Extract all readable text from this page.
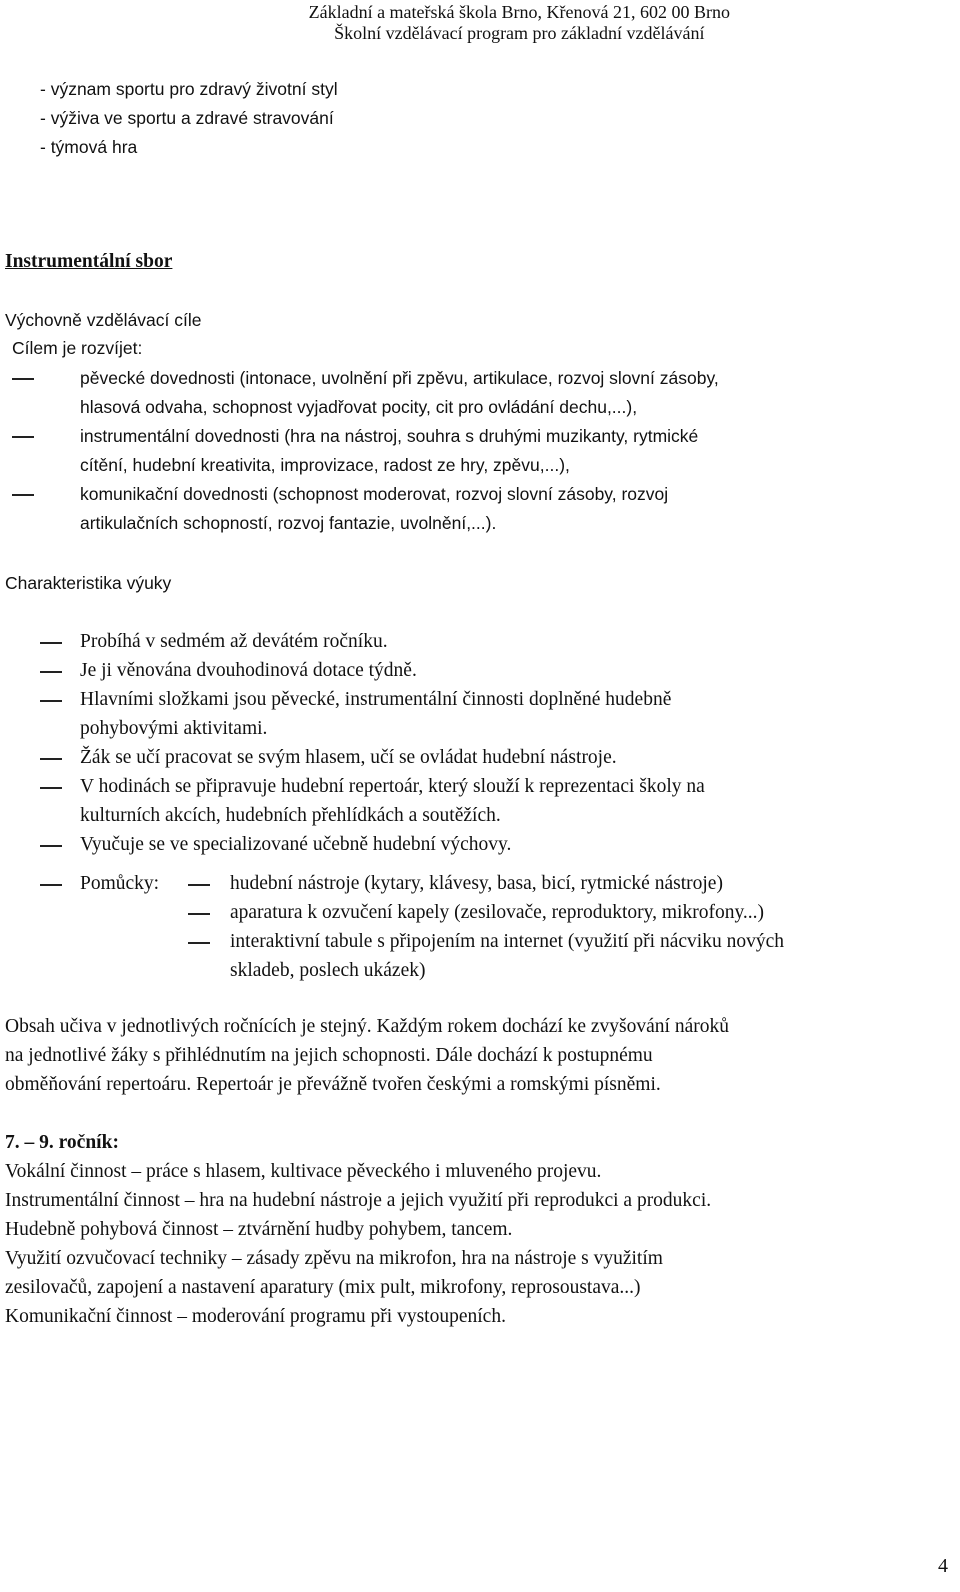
Základní a mateřská škola Brno, Křenová 21, 602 00 Brno
Školní vzdělávací program pro základní vzdělávání
- význam sportu pro zdravý životní styl
- výživa ve sportu a zdravé stravování
- týmová hra
Instrumentální sbor
Výchovně vzdělávací cíle
Cílem je rozvíjet:
pěvecké dovednosti (intonace, uvolnění při zpěvu, artikulace, rozvoj slovní zásoby,
hlasová odvaha, schopnost vyjadřovat pocity, cit pro ovládání dechu,...),
instrumentální dovednosti (hra na nástroj, souhra s druhými muzikanty, rytmické
cítění, hudební kreativita, improvizace, radost ze hry, zpěvu,...),
komunikační dovednosti (schopnost moderovat, rozvoj slovní zásoby, rozvoj
artikulačních schopností, rozvoj fantazie, uvolnění,...).
Charakteristika výuky
Probíhá v sedmém až devátém ročníku.
Je ji věnována dvouhodinová dotace týdně.
Hlavními složkami jsou pěvecké, instrumentální činnosti doplněné hudebně
pohybovými aktivitami.
Žák se učí pracovat se svým hlasem, učí se ovládat hudební nástroje.
V hodinách se připravuje hudební repertoár, který slouží k reprezentaci školy na
kulturních akcích, hudebních přehlídkách a soutěžích.
Vyučuje se ve specializované učebně hudební výchovy.
Pomůcky:
aparatura k ozvučení kapely (zesilovače, reproduktory, mikrofony...)
interaktivní tabule s připojením na internet (využití při nácviku nových
skladeb, poslech ukázek)
hudební nástroje (kytary, klávesy, basa, bicí, rytmické nástroje)
Obsah učiva v jednotlivých ročnících je stejný. Každým rokem dochází ke zvyšování nároků
na jednotlivé žáky s přihlédnutím na jejich schopnosti. Dále dochází k postupnému
obměňování repertoáru. Repertoár je převážně tvořen českými a romskými písněmi.
7. – 9. ročník:
Vokální činnost – práce s hlasem, kultivace pěveckého i mluveného projevu.
Instrumentální činnost – hra na hudební nástroje a jejich využití při reprodukci a produkci.
Hudebně pohybová činnost – ztvárnění hudby pohybem, tancem.
Využití ozvučovací techniky – zásady zpěvu na mikrofon, hra na nástroje s využitím
zesilovačů, zapojení a nastavení aparatury (mix pult, mikrofony, reprosoustava...)
Komunikační činnost – moderování programu při vystoupeních.
4
